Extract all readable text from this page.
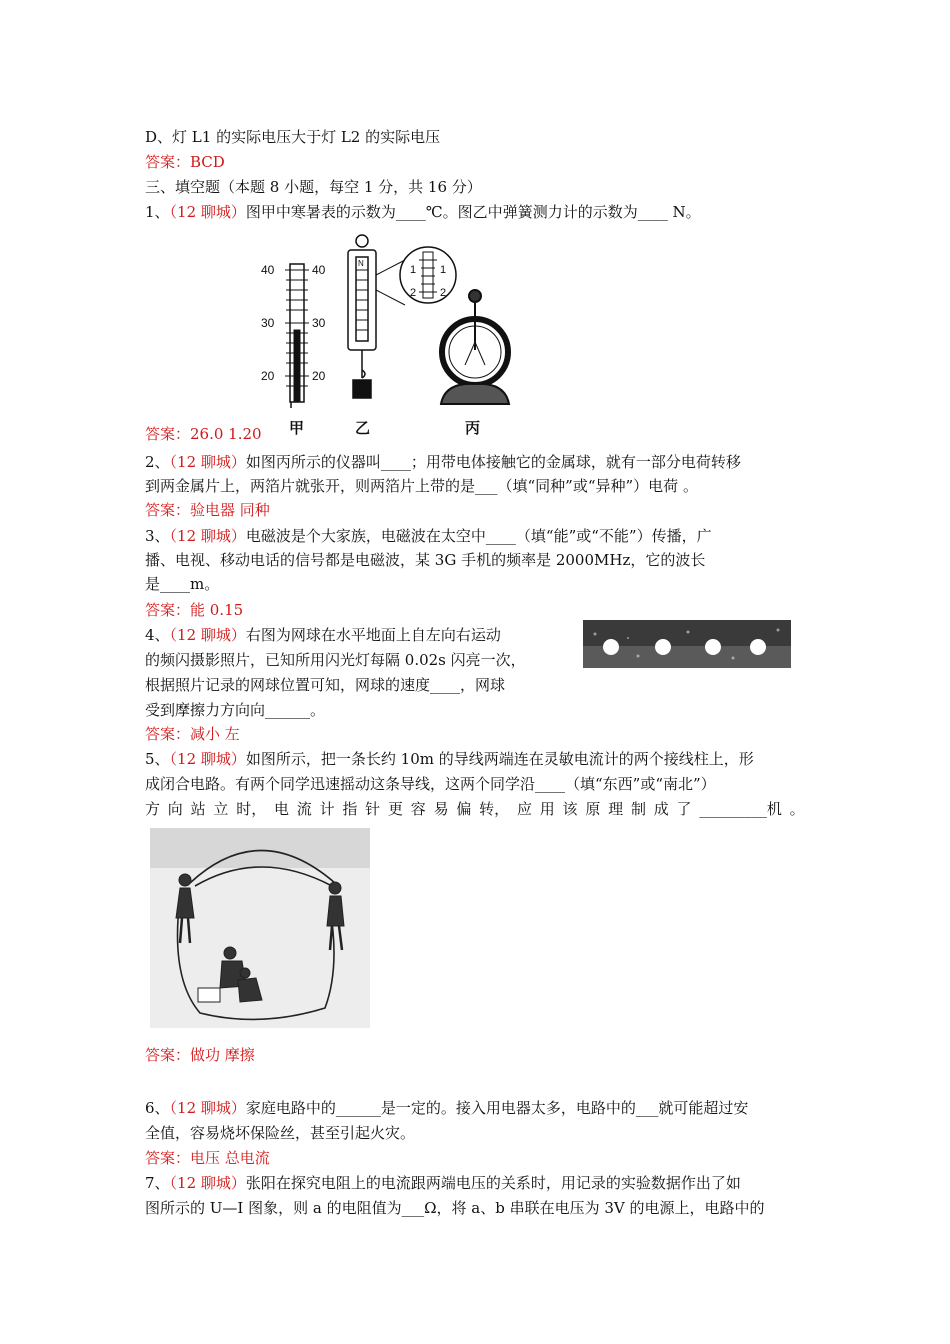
D、灯 L1 的实际电压大于灯 L2 的实际电压
答案：BCD
三、填空题（本题 8 小题，每空 1 分，共 16 分）
1、（12 聊城）图甲中寒暑表的示数为____℃。图乙中弹簧测力计的示数为____ N。
40	40
30	30
20	20
N
1 1
2 2
甲	乙	丙
答案：26.0 1.20
2、（12 聊城）如图丙所示的仪器叫____；用带电体接触它的金属球，就有一部分电荷转移
到两金属片上，两箔片就张开，则两箔片上带的是___（填“同种”或“异种”）电荷 。
答案：验电器 同种
3、（12 聊城）电磁波是个大家族，电磁波在太空中____（填“能”或“不能”）传播，广
播、电视、移动电话的信号都是电磁波，某 3G 手机的频率是 2000MHz，它的波长
是____m。
答案：能 0.15
4、（12 聊城）右图为网球在水平地面上自左向右运动
的频闪摄影照片，已知所用闪光灯每隔 0.02s 闪亮一次，
根据照片记录的网球位置可知，网球的速度____，网球
受到摩擦力方向向______。
答案：减小 左
5、（12 聊城）如图所示，把一条长约 10m 的导线两端连在灵敏电流计的两个接线柱上，形
成闭合电路。有两个同学迅速摇动这条导线，这两个同学沿____（填“东西”或“南北”）
方 向 站 立 时， 电 流 计 指 针 更 容 易 偏 转， 应 用 该 原 理 制 成 了 _________机 。
答案：做功 摩擦
6、（12 聊城）家庭电路中的______是一定的。接入用电器太多，电路中的___就可能超过安
全值，容易烧坏保险丝，甚至引起火灾。
答案：电压 总电流
7、（12 聊城）张阳在探究电阻上的电流跟两端电压的关系时，用记录的实验数据作出了如
图所示的 U—I 图象，则 a 的电阻值为___Ω，将 a、b 串联在电压为 3V 的电源上，电路中的
